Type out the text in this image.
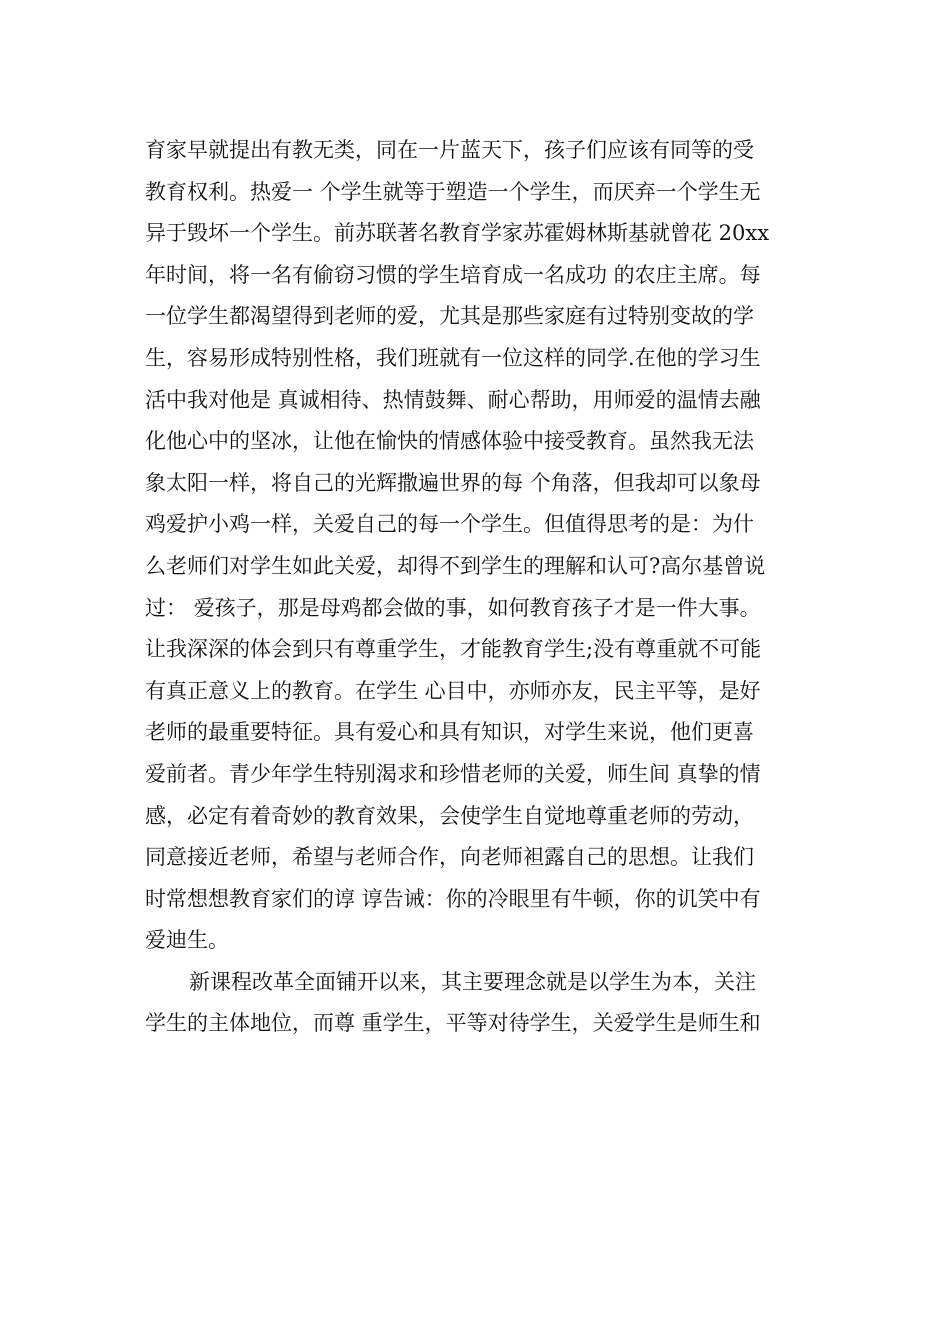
育家早就提出有教无类，同在一片蓝天下，孩子们应该有同等的受
教育权利。热爱一 个学生就等于塑造一个学生，而厌弃一个学生无
异于毁坏一个学生。前苏联著名教育学家苏霍姆林斯基就曾花 20xx
年时间，将一名有偷窃习惯的学生培育成一名成功 的农庄主席。每
一位学生都渴望得到老师的爱，尤其是那些家庭有过特别变故的学
生，容易形成特别性格，我们班就有一位这样的同学.在他的学习生
活中我对他是 真诚相待、热情鼓舞、耐心帮助，用师爱的温情去融
化他心中的坚冰，让他在愉快的情感体验中接受教育。虽然我无法
象太阳一样，将自己的光辉撒遍世界的每 个角落，但我却可以象母
鸡爱护小鸡一样，关爱自己的每一个学生。但值得思考的是：为什
么老师们对学生如此关爱，却得不到学生的理解和认可?高尔基曾说
过： 爱孩子，那是母鸡都会做的事，如何教育孩子才是一件大事。
让我深深的体会到只有尊重学生，才能教育学生;没有尊重就不可能
有真正意义上的教育。在学生 心目中，亦师亦友，民主平等，是好
老师的最重要特征。具有爱心和具有知识，对学生来说，他们更喜
爱前者。青少年学生特别渴求和珍惜老师的关爱，师生间 真挚的情
感，必定有着奇妙的教育效果，会使学生自觉地尊重老师的劳动，
同意接近老师，希望与老师合作，向老师袒露自己的思想。让我们
时常想想教育家们的谆 谆告诫：你的冷眼里有牛顿，你的讥笑中有
爱迪生。
新课程改革全面铺开以来，其主要理念就是以学生为本，关注
学生的主体地位，而尊 重学生，平等对待学生，关爱学生是师生和
